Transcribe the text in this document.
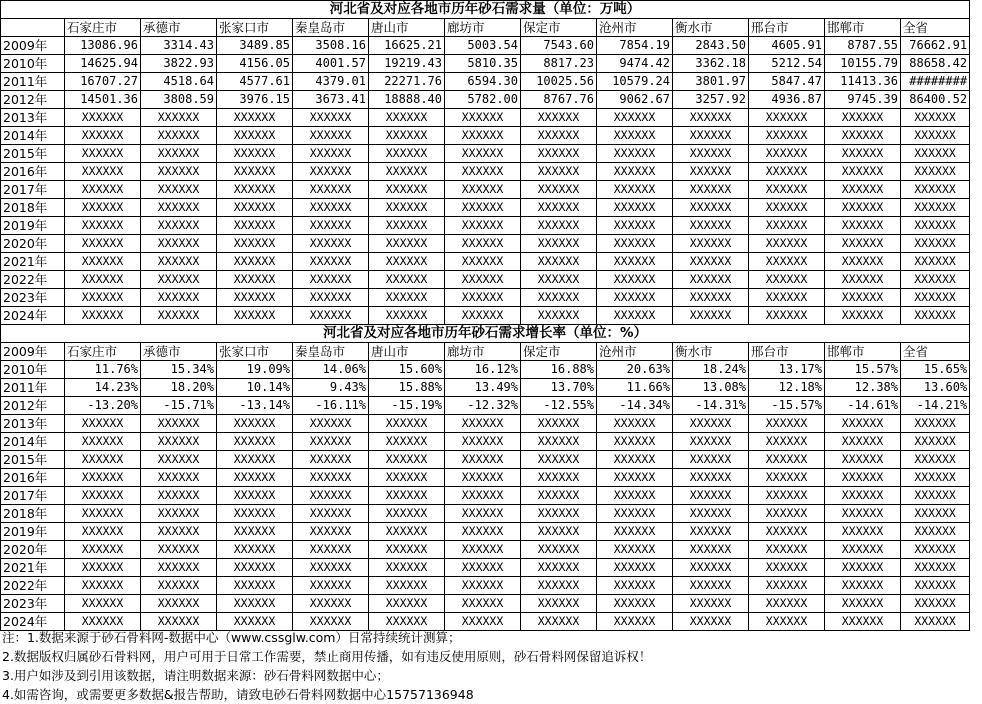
河北省及对应各地市历年砂石需求量（单位：万吨）												
	石家庄市	承德市	张家口市	秦皇岛市	唐山市	廊坊市	保定市	沧州市	衡水市	邢台市	邯郸市	全省
2009年	13086.96	3314.43	3489.85	3508.16	16625.21	5003.54	7543.60	7854.19	2843.50	4605.91	8787.55	76662.91
2010年	14625.94	3822.93	4156.05	4001.57	19219.43	5810.35	8817.23	9474.42	3362.18	5212.54	10155.79	88658.42
2011年	16707.27	4518.64	4577.61	4379.01	22271.76	6594.30	10025.56	10579.24	3801.97	5847.47	11413.36	########
2012年	14501.36	3808.59	3976.15	3673.41	18888.40	5782.00	8767.76	9062.67	3257.92	4936.87	9745.39	86400.52
2013年	XXXXXX	XXXXXX	XXXXXX	XXXXXX	XXXXXX	XXXXXX	XXXXXX	XXXXXX	XXXXXX	XXXXXX	XXXXXX	XXXXXX
2014年	XXXXXX	XXXXXX	XXXXXX	XXXXXX	XXXXXX	XXXXXX	XXXXXX	XXXXXX	XXXXXX	XXXXXX	XXXXXX	XXXXXX
2015年	XXXXXX	XXXXXX	XXXXXX	XXXXXX	XXXXXX	XXXXXX	XXXXXX	XXXXXX	XXXXXX	XXXXXX	XXXXXX	XXXXXX
2016年	XXXXXX	XXXXXX	XXXXXX	XXXXXX	XXXXXX	XXXXXX	XXXXXX	XXXXXX	XXXXXX	XXXXXX	XXXXXX	XXXXXX
2017年	XXXXXX	XXXXXX	XXXXXX	XXXXXX	XXXXXX	XXXXXX	XXXXXX	XXXXXX	XXXXXX	XXXXXX	XXXXXX	XXXXXX
2018年	XXXXXX	XXXXXX	XXXXXX	XXXXXX	XXXXXX	XXXXXX	XXXXXX	XXXXXX	XXXXXX	XXXXXX	XXXXXX	XXXXXX
2019年	XXXXXX	XXXXXX	XXXXXX	XXXXXX	XXXXXX	XXXXXX	XXXXXX	XXXXXX	XXXXXX	XXXXXX	XXXXXX	XXXXXX
2020年	XXXXXX	XXXXXX	XXXXXX	XXXXXX	XXXXXX	XXXXXX	XXXXXX	XXXXXX	XXXXXX	XXXXXX	XXXXXX	XXXXXX
2021年	XXXXXX	XXXXXX	XXXXXX	XXXXXX	XXXXXX	XXXXXX	XXXXXX	XXXXXX	XXXXXX	XXXXXX	XXXXXX	XXXXXX
2022年	XXXXXX	XXXXXX	XXXXXX	XXXXXX	XXXXXX	XXXXXX	XXXXXX	XXXXXX	XXXXXX	XXXXXX	XXXXXX	XXXXXX
2023年	XXXXXX	XXXXXX	XXXXXX	XXXXXX	XXXXXX	XXXXXX	XXXXXX	XXXXXX	XXXXXX	XXXXXX	XXXXXX	XXXXXX
2024年	XXXXXX	XXXXXX	XXXXXX	XXXXXX	XXXXXX	XXXXXX	XXXXXX	XXXXXX	XXXXXX	XXXXXX	XXXXXX	XXXXXX
河北省及对应各地市历年砂石需求增长率（单位：%）												
2009年	石家庄市	承德市	张家口市	秦皇岛市	唐山市	廊坊市	保定市	沧州市	衡水市	邢台市	邯郸市	全省
2010年	11.76%	15.34%	19.09%	14.06%	15.60%	16.12%	16.88%	20.63%	18.24%	13.17%	15.57%	15.65%
2011年	14.23%	18.20%	10.14%	9.43%	15.88%	13.49%	13.70%	11.66%	13.08%	12.18%	12.38%	13.60%
2012年	-13.20%	-15.71%	-13.14%	-16.11%	-15.19%	-12.32%	-12.55%	-14.34%	-14.31%	-15.57%	-14.61%	-14.21%
2013年	XXXXXX	XXXXXX	XXXXXX	XXXXXX	XXXXXX	XXXXXX	XXXXXX	XXXXXX	XXXXXX	XXXXXX	XXXXXX	XXXXXX
2014年	XXXXXX	XXXXXX	XXXXXX	XXXXXX	XXXXXX	XXXXXX	XXXXXX	XXXXXX	XXXXXX	XXXXXX	XXXXXX	XXXXXX
2015年	XXXXXX	XXXXXX	XXXXXX	XXXXXX	XXXXXX	XXXXXX	XXXXXX	XXXXXX	XXXXXX	XXXXXX	XXXXXX	XXXXXX
2016年	XXXXXX	XXXXXX	XXXXXX	XXXXXX	XXXXXX	XXXXXX	XXXXXX	XXXXXX	XXXXXX	XXXXXX	XXXXXX	XXXXXX
2017年	XXXXXX	XXXXXX	XXXXXX	XXXXXX	XXXXXX	XXXXXX	XXXXXX	XXXXXX	XXXXXX	XXXXXX	XXXXXX	XXXXXX
2018年	XXXXXX	XXXXXX	XXXXXX	XXXXXX	XXXXXX	XXXXXX	XXXXXX	XXXXXX	XXXXXX	XXXXXX	XXXXXX	XXXXXX
2019年	XXXXXX	XXXXXX	XXXXXX	XXXXXX	XXXXXX	XXXXXX	XXXXXX	XXXXXX	XXXXXX	XXXXXX	XXXXXX	XXXXXX
2020年	XXXXXX	XXXXXX	XXXXXX	XXXXXX	XXXXXX	XXXXXX	XXXXXX	XXXXXX	XXXXXX	XXXXXX	XXXXXX	XXXXXX
2021年	XXXXXX	XXXXXX	XXXXXX	XXXXXX	XXXXXX	XXXXXX	XXXXXX	XXXXXX	XXXXXX	XXXXXX	XXXXXX	XXXXXX
2022年	XXXXXX	XXXXXX	XXXXXX	XXXXXX	XXXXXX	XXXXXX	XXXXXX	XXXXXX	XXXXXX	XXXXXX	XXXXXX	XXXXXX
2023年	XXXXXX	XXXXXX	XXXXXX	XXXXXX	XXXXXX	XXXXXX	XXXXXX	XXXXXX	XXXXXX	XXXXXX	XXXXXX	XXXXXX
2024年	XXXXXX	XXXXXX	XXXXXX	XXXXXX	XXXXXX	XXXXXX	XXXXXX	XXXXXX	XXXXXX	XXXXXX	XXXXXX	XXXXXX
注：1.数据来源于砂石骨料网-数据中心（www.cssglw.com）日常持续统计测算；
2.数据版权归属砂石骨料网，用户可用于日常工作需要，禁止商用传播，如有违反使用原则，砂石骨料网保留追诉权！
3.用户如涉及到引用该数据，请注明数据来源：砂石骨料网数据中心；
4.如需咨询，或需要更多数据&报告帮助，请致电砂石骨料网数据中心15757136948
